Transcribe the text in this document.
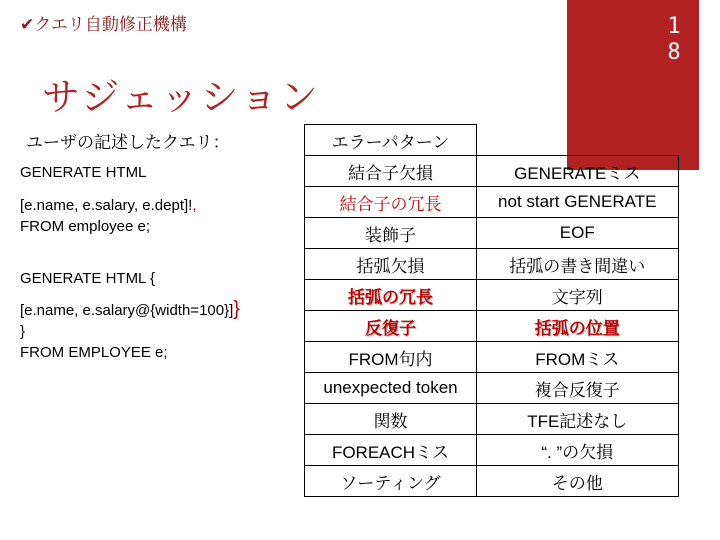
✔クエリ自動修正機構	18
サジェッション
ユーザの記述したクエリ：
GENERATE HTML
[e.name, e.salary, e.dept]!,
FROM employee e;
GENERATE HTML {
[e.name, e.salary@{width=100}]}
}
FROM EMPLOYEE e;
エラーパターン	
結合子欠損	GENERATEミス
結合子の冗長	not start GENERATE
装飾子	EOF
括弧欠損	括弧の書き間違い
括弧の冗長	文字列
反復子	括弧の位置
FROM句内	FROMミス
unexpected token	複合反復子
関数	TFE記述なし
FOREACHミス	“. ”の欠損
ソーティング	その他
